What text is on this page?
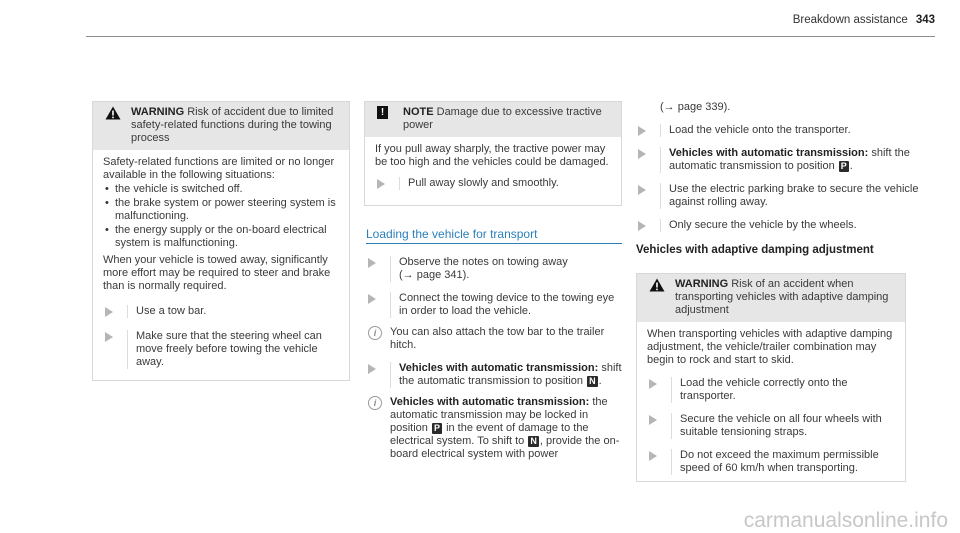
Breakdown assistance 343
WARNING Risk of accident due to limited safety-related functions during the towing process
Safety-related functions are limited or no longer available in the following situations:
• the vehicle is switched off.
• the brake system or power steering system is malfunctioning.
• the energy supply or the on-board electrical system is malfunctioning.
When your vehicle is towed away, significantly more effort may be required to steer and brake than is normally required.
Use a tow bar.
Make sure that the steering wheel can move freely before towing the vehicle away.
!	NOTE Damage due to excessive tractive power
If you pull away sharply, the tractive power may be too high and the vehicles could be damaged.
Pull away slowly and smoothly.
Loading the vehicle for transport
Observe the notes on towing away
(→ page 341).
Connect the towing device to the towing eye in order to load the vehicle.
i	You can also attach the tow bar to the trailer hitch.
Vehicles with automatic transmission: shift the automatic transmission to position N .
i	Vehicles with automatic transmission: the automatic transmission may be locked in position P in the event of damage to the electrical system. To shift to N , provide the on-board electrical system with power
(→ page 339).
Load the vehicle onto the transporter.
Vehicles with automatic transmission: shift the automatic transmission to position P .
Use the electric parking brake to secure the vehicle against rolling away.
Only secure the vehicle by the wheels.
Vehicles with adaptive damping adjustment
WARNING Risk of an accident when transporting vehicles with adaptive damping adjustment
When transporting vehicles with adaptive damping adjustment, the vehicle/trailer combination may begin to rock and start to skid.
Load the vehicle correctly onto the transporter.
Secure the vehicle on all four wheels with suitable tensioning straps.
Do not exceed the maximum permissible speed of 60 km/h when transporting.
carmanualsonline.info
